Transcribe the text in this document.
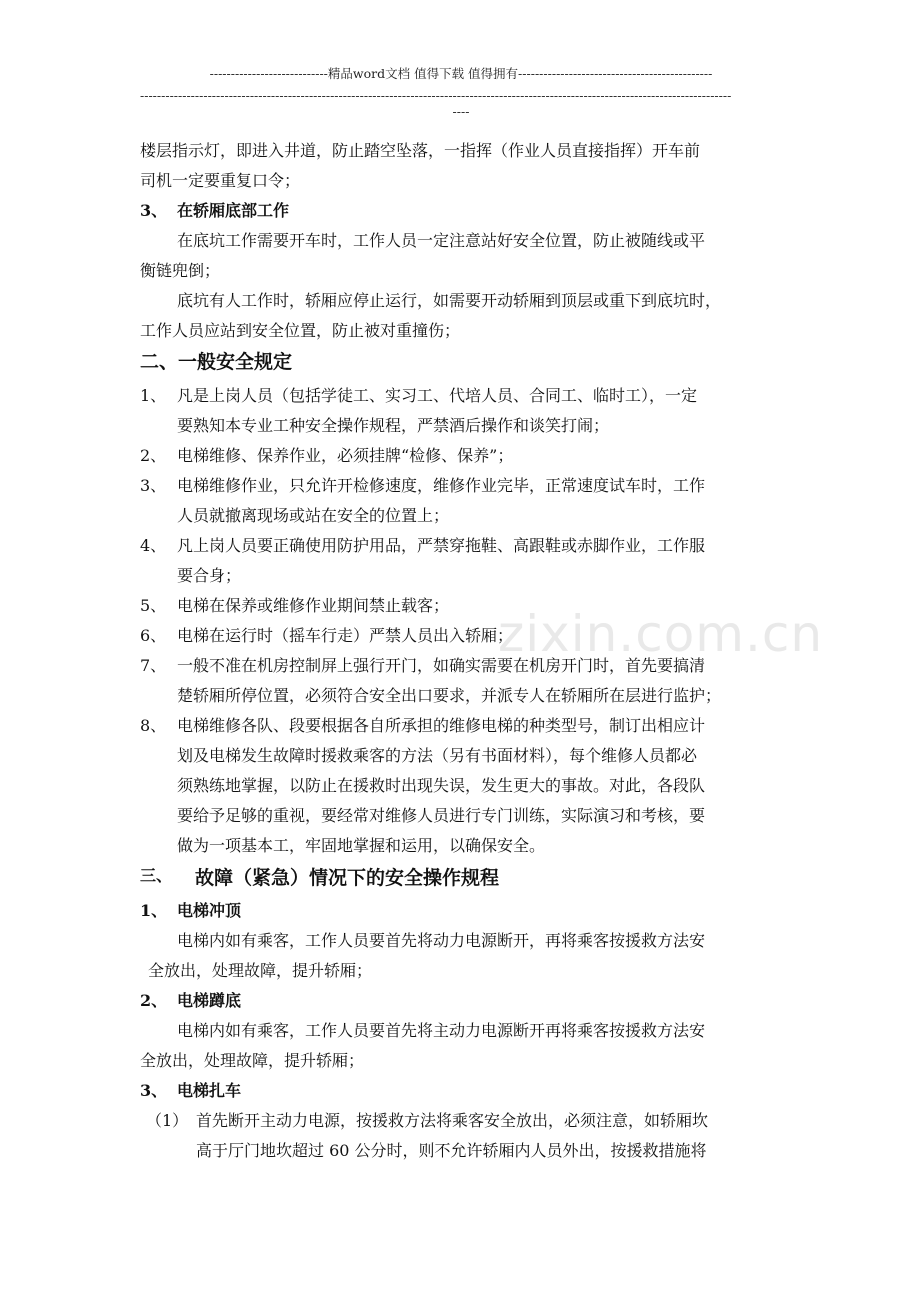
----------------------------精品word文档 值得下载 值得拥有----------------------------------------------
--------------------------------------------------------------------------------------------------------------------------------------------
----
zixin.com.cn
楼层指示灯，即进入井道，防止踏空坠落，一指挥（作业人员直接指挥）开车前
司机一定要重复口令；
3、 在轿厢底部工作
在底坑工作需要开车时，工作人员一定注意站好安全位置，防止被随线或平
衡链兜倒；
底坑有人工作时，轿厢应停止运行，如需要开动轿厢到顶层或重下到底坑时，
工作人员应站到安全位置，防止被对重撞伤；
二、一般安全规定
1、 凡是上岗人员（包括学徒工、实习工、代培人员、合同工、临时工），一定
要熟知本专业工种安全操作规程，严禁酒后操作和谈笑打闹；
2、 电梯维修、保养作业，必须挂牌“检修、保养”；
3、 电梯维修作业，只允许开检修速度，维修作业完毕，正常速度试车时，工作
人员就撤离现场或站在安全的位置上；
4、 凡上岗人员要正确使用防护用品，严禁穿拖鞋、高跟鞋或赤脚作业，工作服
要合身；
5、 电梯在保养或维修作业期间禁止载客；
6、 电梯在运行时（摇车行走）严禁人员出入轿厢；
7、 一般不准在机房控制屏上强行开门，如确实需要在机房开门时，首先要搞清
楚轿厢所停位置，必须符合安全出口要求，并派专人在轿厢所在层进行监护；
8、 电梯维修各队、段要根据各自所承担的维修电梯的种类型号，制订出相应计
划及电梯发生故障时援救乘客的方法（另有书面材料），每个维修人员都必
须熟练地掌握，以防止在援救时出现失误，发生更大的事故。对此，各段队
要给予足够的重视，要经常对维修人员进行专门训练，实际演习和考核，要
做为一项基本工，牢固地掌握和运用，以确保安全。
三、 故障（紧急）情况下的安全操作规程
1、 电梯冲顶
电梯内如有乘客，工作人员要首先将动力电源断开，再将乘客按援救方法安
全放出，处理故障，提升轿厢；
2、 电梯蹲底
电梯内如有乘客，工作人员要首先将主动力电源断开再将乘客按援救方法安
全放出，处理故障，提升轿厢；
3、 电梯扎车
（1） 首先断开主动力电源，按援救方法将乘客安全放出，必须注意，如轿厢坎
高于厅门地坎超过 60 公分时，则不允许轿厢内人员外出，按援救措施将
